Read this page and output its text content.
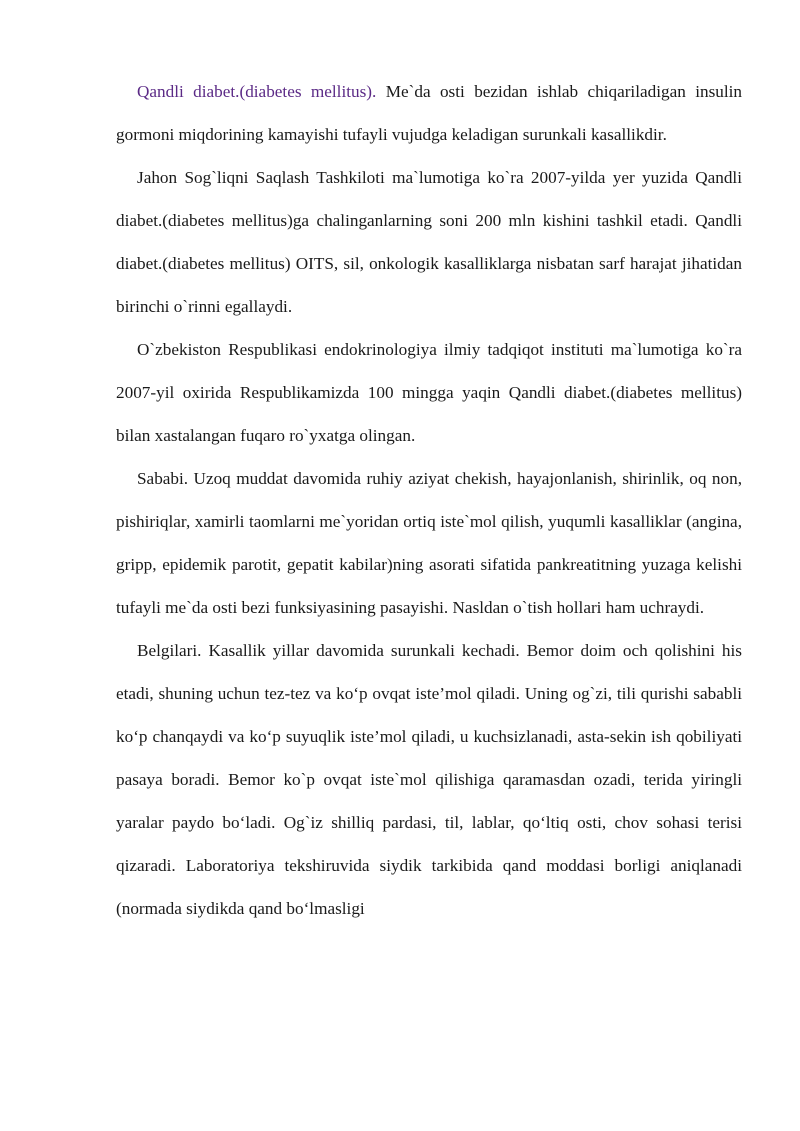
Qandli diabet.(diabetes mellitus). Me`da osti bezidan ishlab chiqariladigan insulin gormoni miqdorining kamayishi tufayli vujudga keladigan surunkali kasallikdir.

Jahon Sog`liqni Saqlash Tashkiloti ma`lumotiga ko`ra 2007-yilda yer yuzida Qandli diabet.(diabetes mellitus)ga chalinganlarning soni 200 mln kishini tashkil etadi. Qandli diabet.(diabetes mellitus) OITS, sil, onkologik kasalliklarga nisbatan sarf harajat jihatidan birinchi o`rinni egallaydi.

O`zbekiston Respublikasi endokrinologiya ilmiy tadqiqot instituti ma`lumotiga ko`ra 2007-yil oxirida Respublikamizda 100 mingga yaqin Qandli diabet.(diabetes mellitus) bilan xastalangan fuqaro ro`yxatga olingan.

Sababi. Uzoq muddat davomida ruhiy aziyat chekish, hayajonlanish, shirinlik, oq non, pishiriqlar, xamirli taomlarni me`yoridan ortiq iste`mol qilish, yuqumli kasalliklar (angina, gripp, epidemik parotit, gepatit kabilar)ning asorati sifatida pankreatitning yuzaga kelishi tufayli me`da osti bezi funksiyasining pasayishi. Nasldan o`tish hollari ham uchraydi.

Belgilari. Kasallik yillar davomida surunkali kechadi. Bemor doim och qolishini his etadi, shuning uchun tez-tez va ko‘p ovqat iste’mol qiladi. Uning og`zi, tili qurishi sababli ko‘p chanqaydi va ko‘p suyuqlik iste’mol qiladi, u kuchsizlanadi, asta-sekin ish qobiliyati pasaya boradi. Bemor ko`p ovqat iste`mol qilishiga qaramasdan ozadi, terida yiringli yaralar paydo bo‘ladi. Og`iz shilliq pardasi, til, lablar, qo‘ltiq osti, chov sohasi terisi qizaradi. Laboratoriya tekshiruvida siydik tarkibida qand moddasi borligi aniqlanadi (normada siydikda qand bo‘lmasligi
